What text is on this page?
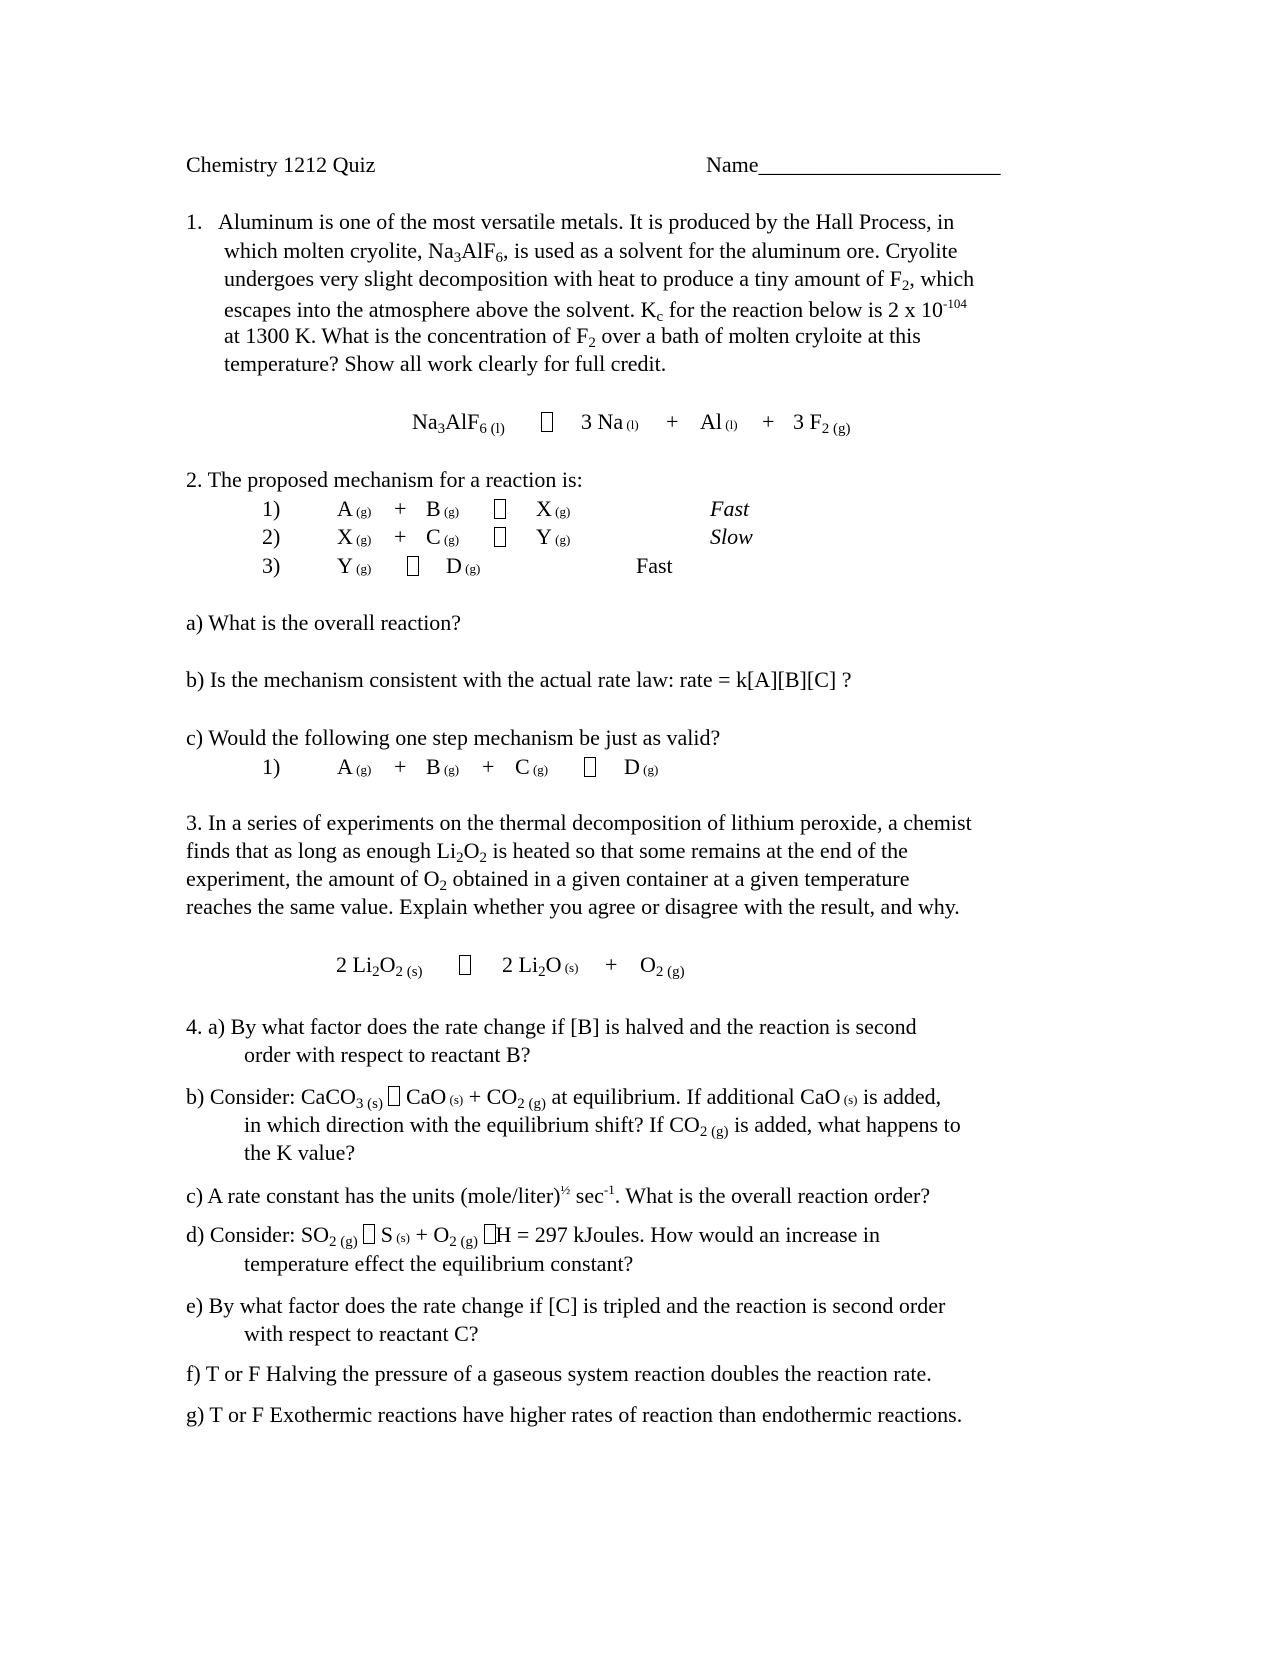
Chemistry 1212 Quiz	Name______________________
1. Aluminum is one of the most versatile metals. It is produced by the Hall Process, in
which molten cryolite, $Na_3AlF_6$, is used as a solvent for the aluminum ore. Cryolite
undergoes very slight decomposition with heat to produce a tiny amount of $F_2$, which
escapes into the atmosphere above the solvent. $K_c$ for the reaction below is 2 x $10^{-104}$
at 1300 K. What is the concentration of $F_2$ over a bath of molten cryloite at this
temperature? Show all work clearly for full credit.
$Na_3AlF_{6 (l)}$	3 Na (l) + Al (l) + 3 $F_{2 (g)}$
2. The proposed mechanism for a reaction is:
1)	A (g) + B (g)	X (g)	Fast
2)	X (g) + C (g)	Y (g)	Slow
3)	Y (g)	D (g)	Fast
a) What is the overall reaction?
b) Is the mechanism consistent with the actual rate law: rate = k[A][B][C] ?
c) Would the following one step mechanism be just as valid?
1)	A (g) + B (g) + C (g)	D (g)
3. In a series of experiments on the thermal decomposition of lithium peroxide, a chemist
finds that as long as enough $Li_2O_2$ is heated so that some remains at the end of the
experiment, the amount of $O_2$ obtained in a given container at a given temperature
reaches the same value. Explain whether you agree or disagree with the result, and why.
2 $Li_2O_{2 (s)}$	2 $Li_2O$ $(s) + O_{2 (g)}$
4. a) By what factor does the rate change if [B] is halved and the reaction is second
order with respect to reactant B?
b) Consider: CaCO$_{3 (s)}$ CaO $(s) + CO_{2 (g)}$ at equilibrium. If additional CaO (s) is added,
in which direction with the equilibrium shift? If $CO_{2 (g)}$ is added, what happens to
the K value?
c) A rate constant has the units (mole/liter)$^{\frac{1}{2}}$ $\sec^{-1}$. What is the overall reaction order?
d) Consider: $SO_{2 (g)}$ S $(s) + O_{2 (g)}$ H = 297 kJoules. How would an increase in
temperature effect the equilibrium constant?
e) By what factor does the rate change if [C] is tripled and the reaction is second order
with respect to reactant C?
f) T or F Halving the pressure of a gaseous system reaction doubles the reaction rate.
g) T or F Exothermic reactions have higher rates of reaction than endothermic reactions.
